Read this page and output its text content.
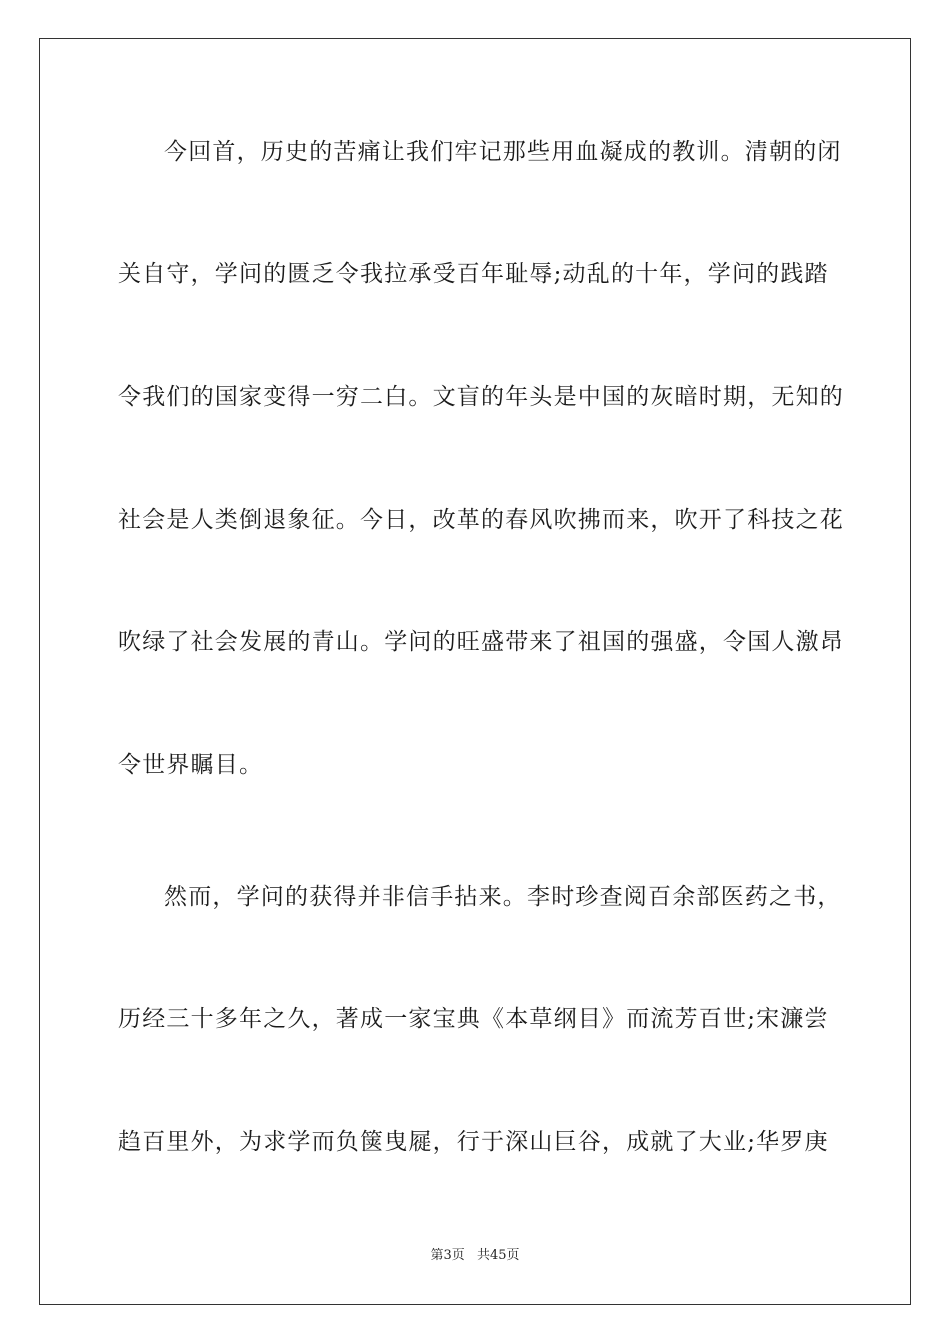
今回首，历史的苦痛让我们牢记那些用血凝成的教训。清朝的闭
关自守，学问的匮乏令我拉承受百年耻辱;动乱的十年，学问的践踏
令我们的国家变得一穷二白。文盲的年头是中国的灰暗时期，无知的
社会是人类倒退象征。今日，改革的春风吹拂而来，吹开了科技之花
吹绿了社会发展的青山。学问的旺盛带来了祖国的强盛，令国人激昂
令世界瞩目。
然而，学问的获得并非信手拈来。李时珍查阅百余部医药之书，
历经三十多年之久，著成一家宝典《本草纲目》而流芳百世;宋濂尝
趋百里外，为求学而负箧曳屣，行于深山巨谷，成就了大业;华罗庚
第3页 共45页
